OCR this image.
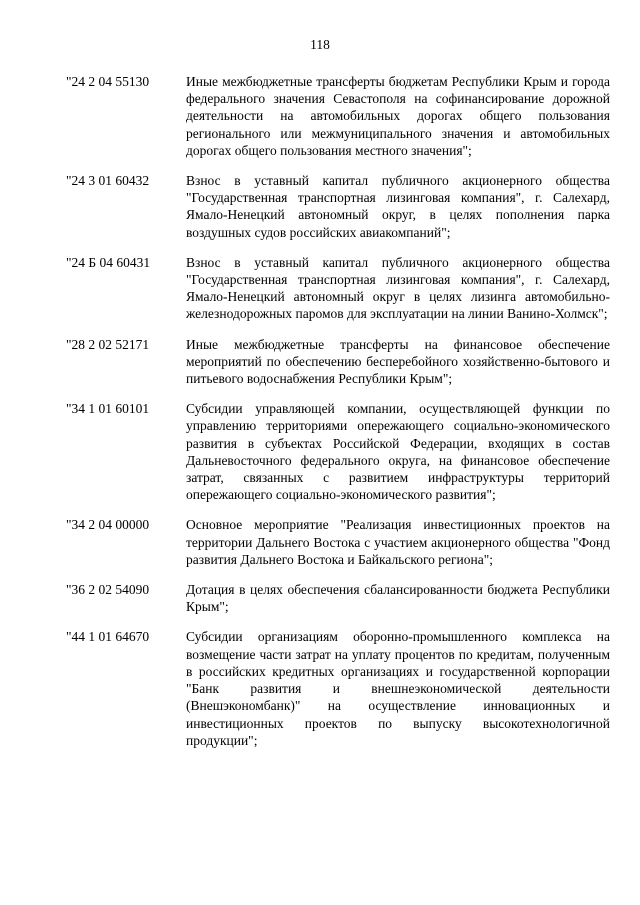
118
"24 2 04 55130	Иные межбюджетные трансферты бюджетам Республики Крым и города федерального значения Севастополя на софинансирование дорожной деятельности на автомобильных дорогах общего пользования регионального или межмуниципального значения и автомобильных дорогах общего пользования местного значения";
"24 3 01 60432	Взнос в уставный капитал публичного акционерного общества "Государственная транспортная лизинговая компания", г. Салехард, Ямало-Ненецкий автономный округ, в целях пополнения парка воздушных судов российских авиакомпаний";
"24 Б 04 60431	Взнос в уставный капитал публичного акционерного общества "Государственная транспортная лизинговая компания", г. Салехард, Ямало-Ненецкий автономный округ в целях лизинга автомобильно-железнодорожных паромов для эксплуатации на линии Ванино-Холмск";
"28 2 02 52171	Иные межбюджетные трансферты на финансовое обеспечение мероприятий по обеспечению бесперебойного хозяйственно-бытового и питьевого водоснабжения Республики Крым";
"34 1 01 60101	Субсидии управляющей компании, осуществляющей функции по управлению территориями опережающего социально-экономического развития в субъектах Российской Федерации, входящих в состав Дальневосточного федерального округа, на финансовое обеспечение затрат, связанных с развитием инфраструктуры территорий опережающего социально-экономического развития";
"34 2 04 00000	Основное мероприятие "Реализация инвестиционных проектов на территории Дальнего Востока с участием акционерного общества "Фонд развития Дальнего Востока и Байкальского региона";
"36 2 02 54090	Дотация в целях обеспечения сбалансированности бюджета Республики Крым";
"44 1 01 64670	Субсидии организациям оборонно-промышленного комплекса на возмещение части затрат на уплату процентов по кредитам, полученным в российских кредитных организациях и государственной корпорации "Банк развития и внешнеэкономической деятельности (Внешэкономбанк)" на осуществление инновационных и инвестиционных проектов по выпуску высокотехнологичной продукции";
